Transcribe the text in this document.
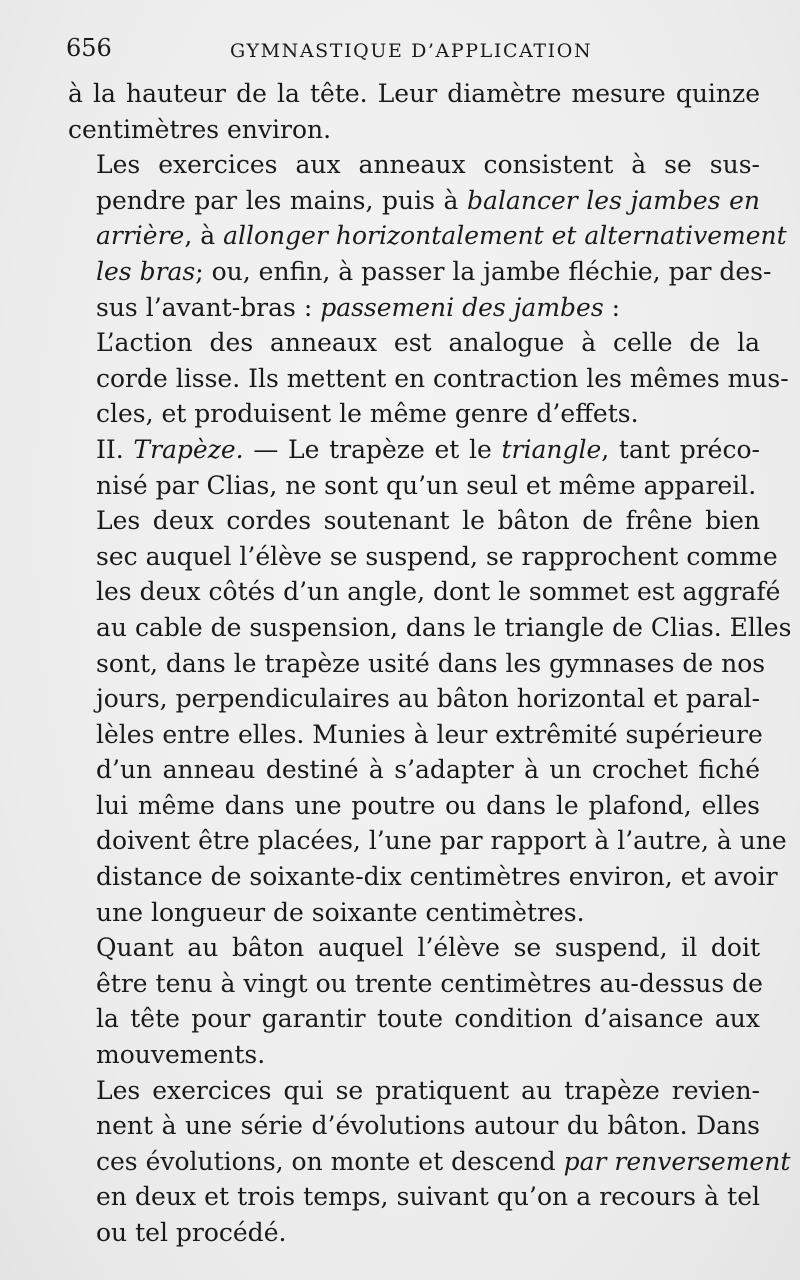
656	GYMNASTIQUE D’APPLICATION

à la hauteur de la tête. Leur diamètre mesure quinze
centimètres environ.

Les exercices aux anneaux consistent à se sus-
pendre par les mains, puis à balancer les jambes en
arrière, à allonger horizontalement et alternativement
les bras; ou, enfin, à passer la jambe fléchie, par des-
sus l’avant-bras : passemeni des jambes :

L’action des anneaux est analogue à celle de la
corde lisse. Ils mettent en contraction les mêmes mus-
cles, et produisent le même genre d’effets.

II. Trapèze. — Le trapèze et le triangle, tant préco-
nisé par Clias, ne sont qu’un seul et même appareil.

Les deux cordes soutenant le bâton de frêne bien
sec auquel l’élève se suspend, se rapprochent comme
les deux côtés d’un angle, dont le sommet est aggrafé
au cable de suspension, dans le triangle de Clias. Elles
sont, dans le trapèze usité dans les gymnases de nos
jours, perpendiculaires au bâton horizontal et paral-
lèles entre elles. Munies à leur extrêmité supérieure
d’un anneau destiné à s’adapter à un crochet fiché
lui même dans une poutre ou dans le plafond, elles
doivent être placées, l’une par rapport à l’autre, à une
distance de soixante-dix centimètres environ, et avoir
une longueur de soixante centimètres.

Quant au bâton auquel l’élève se suspend, il doit
être tenu à vingt ou trente centimètres au-dessus de
la tête pour garantir toute condition d’aisance aux
mouvements.

Les exercices qui se pratiquent au trapèze revien-
nent à une série d’évolutions autour du bâton. Dans
ces évolutions, on monte et descend par renversement
en deux et trois temps, suivant qu’on a recours à tel
ou tel procédé.
